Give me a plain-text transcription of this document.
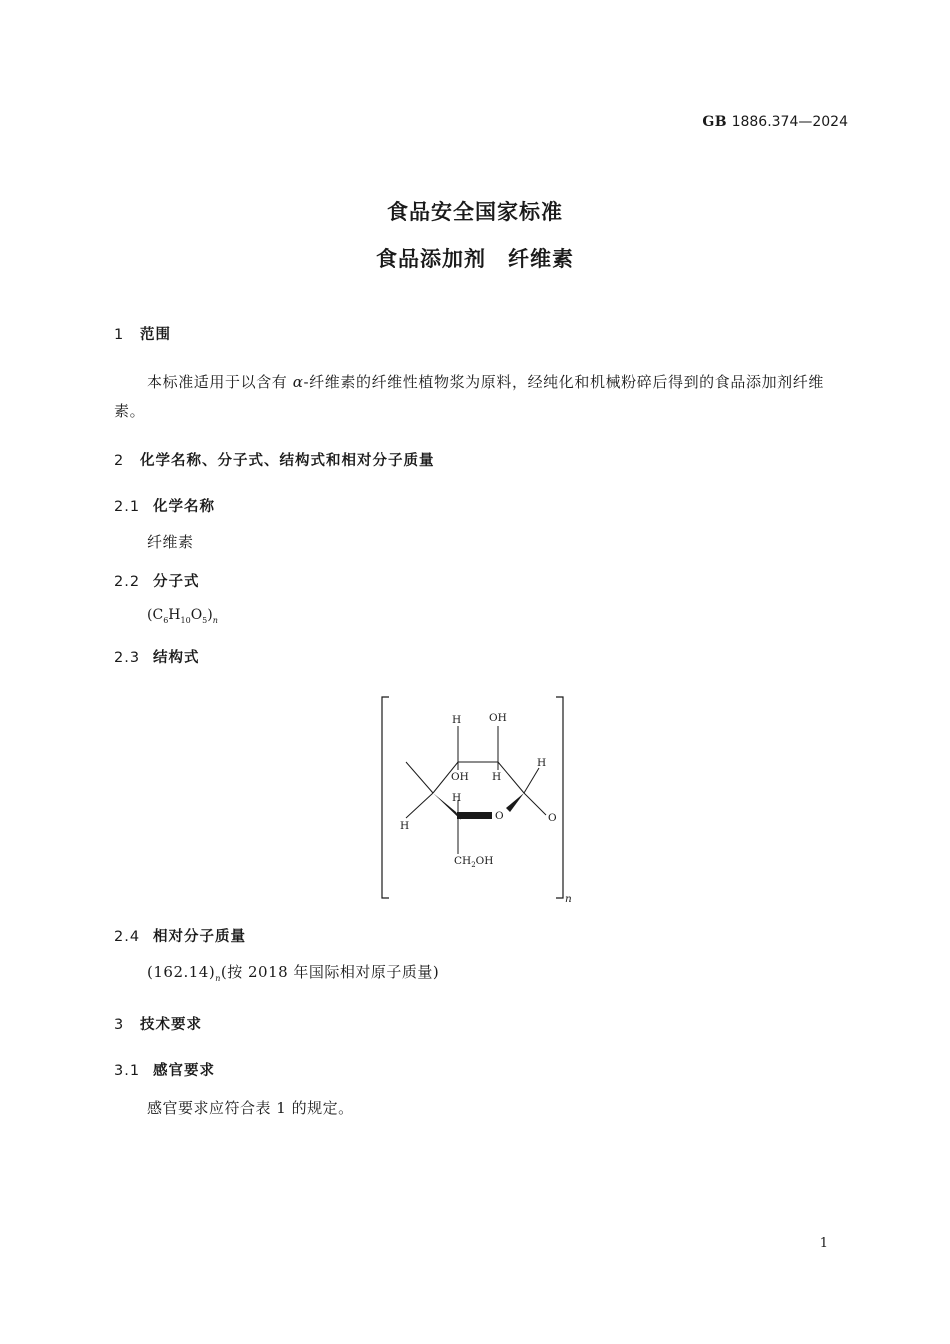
GB 1886.374—2024
食品安全国家标准
食品添加剂　纤维素
1 范围
本标准适用于以含有 α-纤维素的纤维性植物浆为原料，经纯化和机械粉碎后得到的食品添加剂纤维素。
2 化学名称、分子式、结构式和相对分子质量
2.1 化学名称
纤维素
2.2 分子式
$(C_6H_{10}O_5)_n$
2.3 结构式
H	OH
OH H
H
H
O	O
H
$CH_2OH$
n
2.4 相对分子质量
$(162.14)_n$(按 2018 年国际相对原子质量)
3 技术要求
3.1 感官要求
感官要求应符合表 1 的规定。
1
